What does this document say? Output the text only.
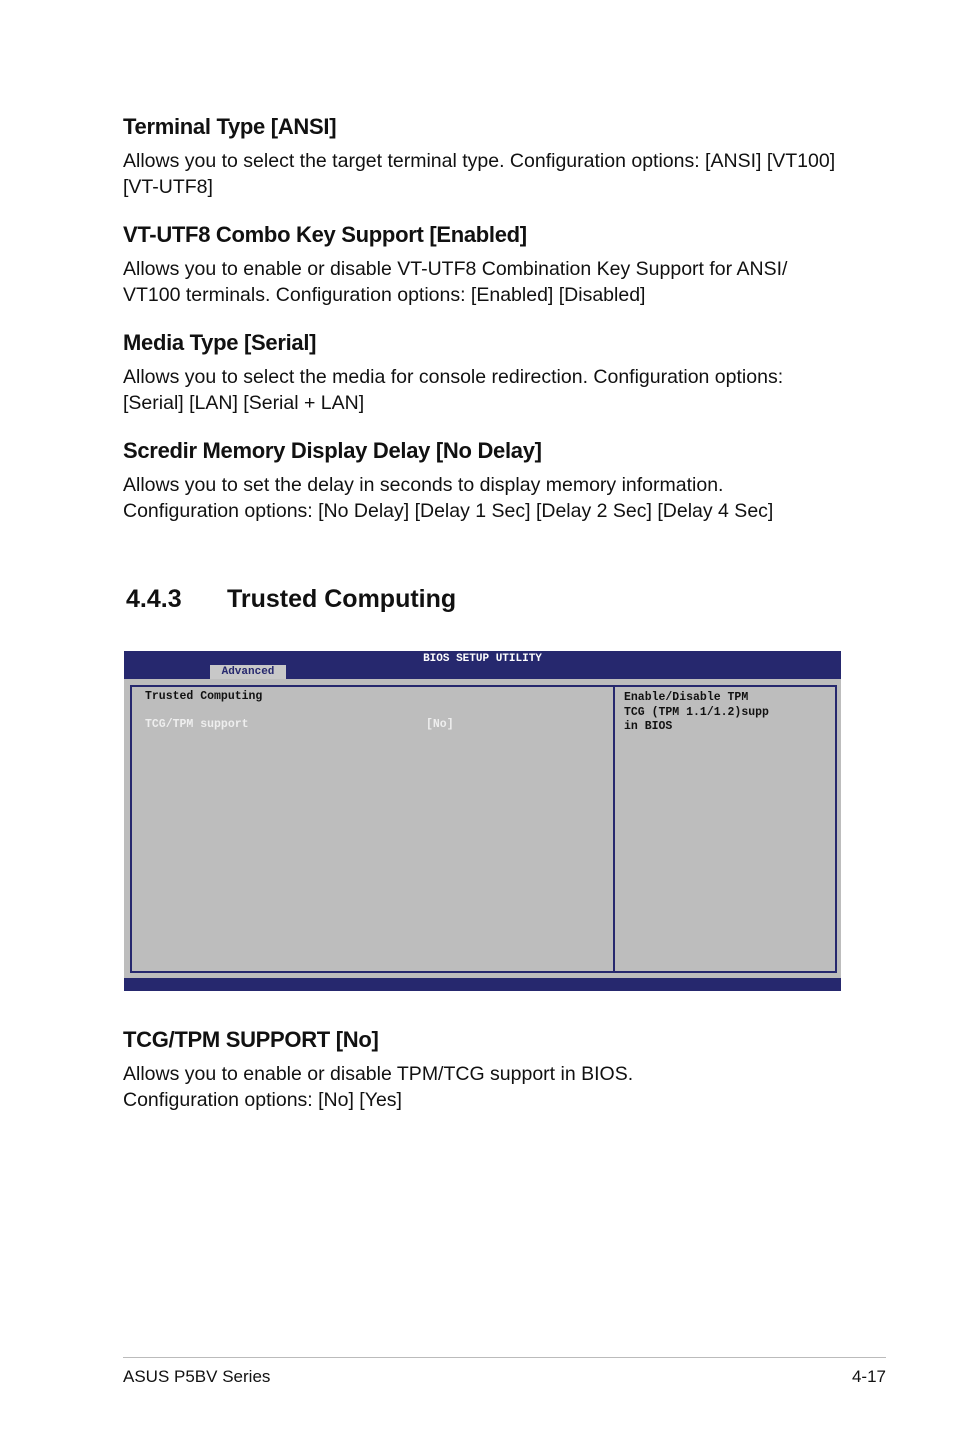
Terminal Type [ANSI]

Allows you to select the target terminal type. Configuration options: [ANSI] [VT100]
[VT-UTF8]

VT-UTF8 Combo Key Support [Enabled]

Allows you to enable or disable VT-UTF8 Combination Key Support for ANSI/
VT100 terminals. Configuration options: [Enabled] [Disabled]

Media Type [Serial]

Allows you to select the media for console redirection. Configuration options:
[Serial] [LAN] [Serial + LAN]

Scredir Memory Display Delay [No Delay]

Allows you to set the delay in seconds to display memory information.
Configuration options: [No Delay] [Delay 1 Sec] [Delay 2 Sec] [Delay 4 Sec]

4.4.3 Trusted Computing
BIOS SETUP UTILITY
Advanced
Trusted Computing
TCG/TPM support	[No]
Enable/Disable TPM
TCG (TPM 1.1/1.2)supp
in BIOS
TCG/TPM SUPPORT [No]

Allows you to enable or disable TPM/TCG support in BIOS.
Configuration options: [No] [Yes]

ASUS P5BV Series	4-17
